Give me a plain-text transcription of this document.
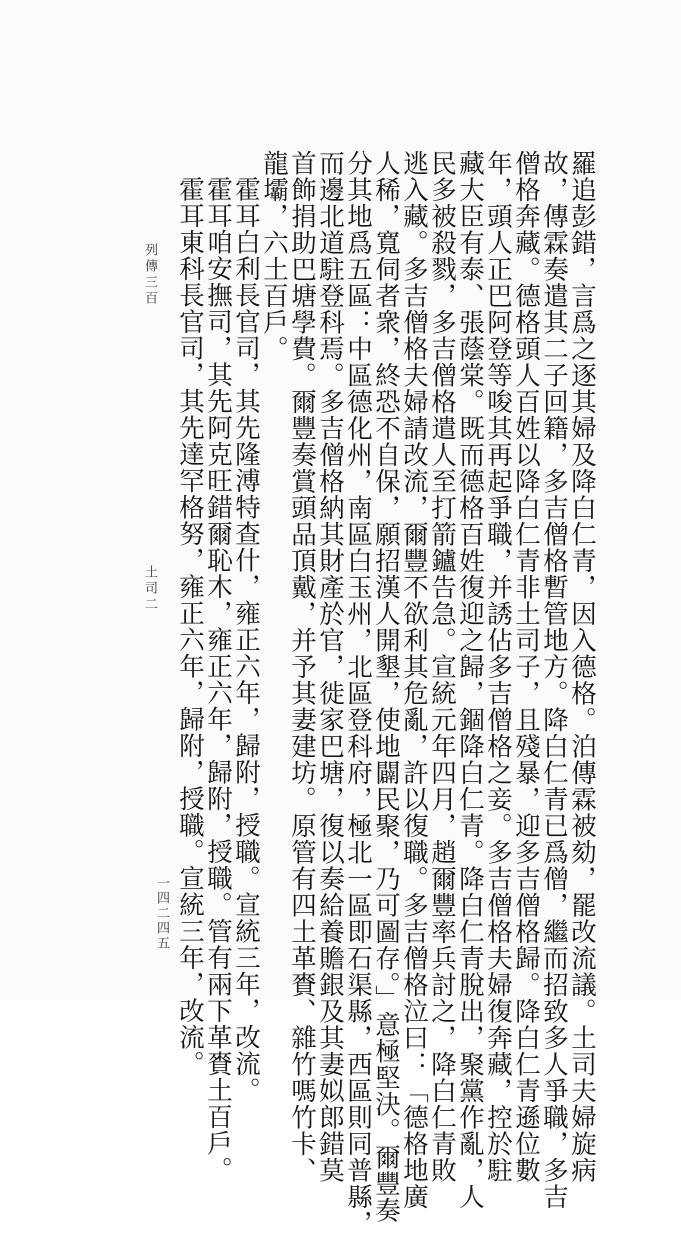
列傳三百
土司二
一四二四五	羅追彭錯，言爲之逐其婦及降白仁青，因入德格。泊傳霖被劾，罷改流議。土司夫婦旋病
故，傳霖奏遣其二子回籍，多吉僧格暫管地方。降白仁青已爲僧，繼而招致多人爭職，多吉
僧格奔藏。德格頭人百姓以降白仁青非土司子，且殘暴，迎多吉僧格歸。降白仁青遜位數
年，頭人正巴阿登等唆其再起爭職，并誘佔多吉僧格之妾。多吉僧格夫婦復奔藏，控於駐
藏大臣有泰、張蔭棠。既而德格百姓復迎之歸，錮降白仁青。降白仁青脫出，聚黨作亂，人
民多被殺戮，多吉僧格遣人至打箭鑪告急。宣統元年四月，趙爾豐率兵討之，降白仁青敗
逃入藏。多吉僧格夫婦請改流，爾豐不欲利其危亂，許以復職。多吉僧格泣曰：「德格地廣
人稀，寬伺者衆，終恐不自保，願招漢人開墾，使地闢民聚，乃可圖存。」意極堅決。爾豐奏
分其地爲五區：中區德化州，南區白玉州，北區登科府，極北一區即石渠縣，西區則同普縣，
而邊北道駐登科焉。多吉僧格納其財產於官，徙家巴塘，復以奏給養贍銀及其妻姒郎錯莫
首飾捐助巴塘學費。爾豐奏賞頭品頂戴，并予其妻建坊。原管有四土革賚、雜竹嗎竹卡、
龍壩，六土百戶。
霍耳白利長官司，其先隆溥特查什，雍正六年，歸附，授職。宣統三年，改流。
霍耳咱安撫司，其先阿克旺錯爾恥木，雍正六年，歸附，授職。管有兩下革賚土百戶。
霍耳東科長官司，其先達罕格努，雍正六年，歸附，授職。宣統三年，改流。
